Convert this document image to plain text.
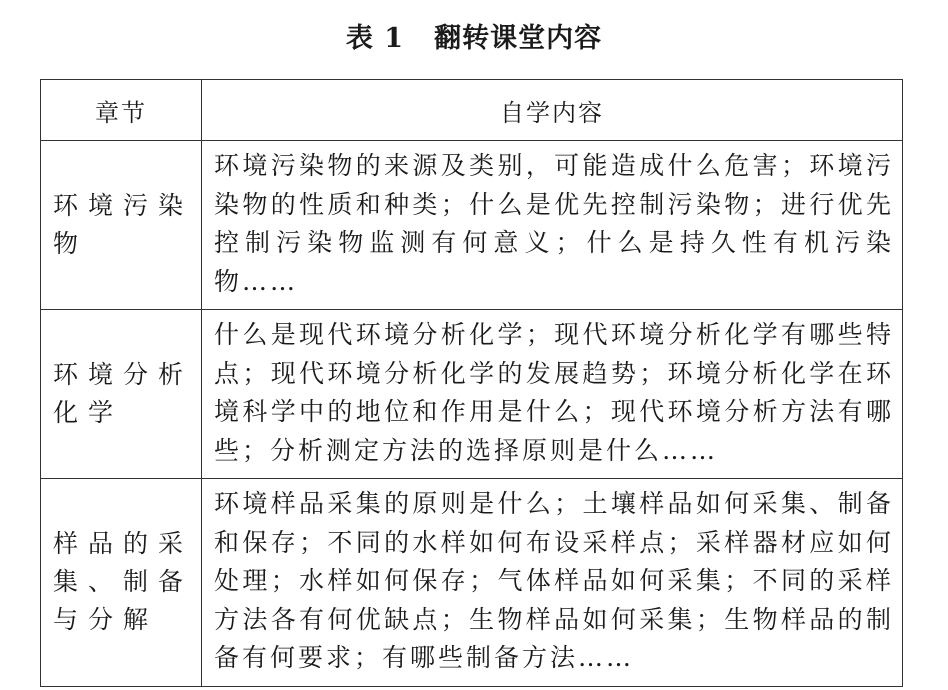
表 1 翻转课堂内容
章节	自学内容
环境污染物	环境污染物的来源及类别，可能造成什么危害；环境污染物的性质和种类；什么是优先控制污染物；进行优先控制污染物监测有何意义；什么是持久性有机污染物……
环境分析化学	什么是现代环境分析化学；现代环境分析化学有哪些特点；现代环境分析化学的发展趋势；环境分析化学在环境科学中的地位和作用是什么；现代环境分析方法有哪些；分析测定方法的选择原则是什么……
样品的采集、制备与分解	环境样品采集的原则是什么；土壤样品如何采集、制备和保存；不同的水样如何布设采样点；采样器材应如何处理；水样如何保存；气体样品如何采集；不同的采样方法各有何优缺点；生物样品如何采集；生物样品的制备有何要求；有哪些制备方法……
